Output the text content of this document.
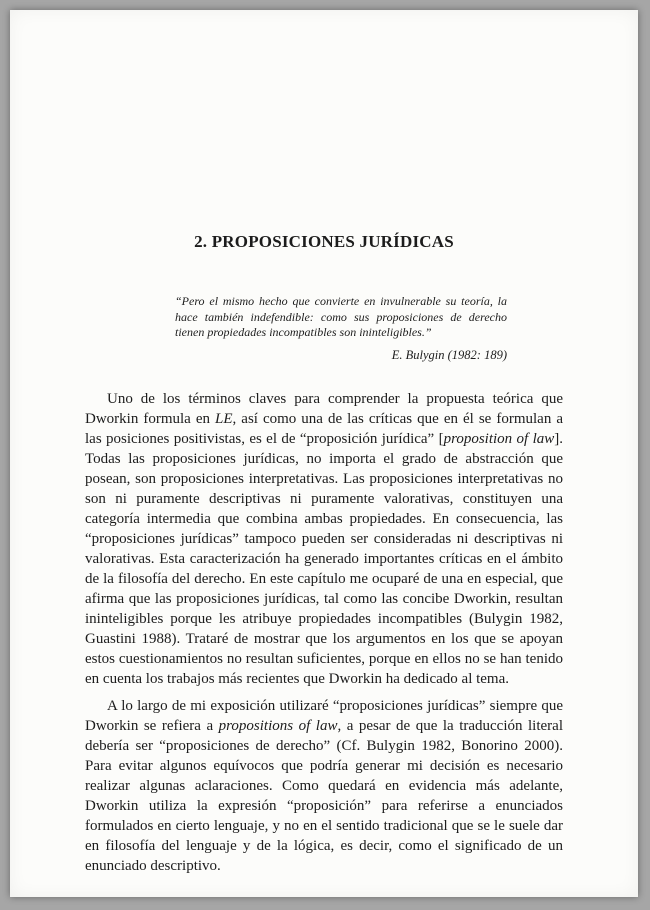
2. PROPOSICIONES JURÍDICAS

“Pero el mismo hecho que convierte en invulnerable su teoría, la hace también indefendible: como sus proposiciones de derecho tienen propiedades incompatibles son ininteligibles.”

E. Bulygin (1982: 189)

Uno de los términos claves para comprender la propuesta teórica que Dworkin formula en LE, así como una de las críticas que en él se formulan a las posiciones positivistas, es el de “proposición jurídica” [proposition of law]. Todas las proposiciones jurídicas, no importa el grado de abstracción que posean, son proposiciones interpretativas. Las proposiciones interpretativas no son ni puramente descriptivas ni puramente valorativas, constituyen una categoría intermedia que combina ambas propiedades. En consecuencia, las “proposiciones jurídicas” tampoco pueden ser consideradas ni descriptivas ni valorativas. Esta caracterización ha generado importantes críticas en el ámbito de la filosofía del derecho. En este capítulo me ocuparé de una en especial, que afirma que las proposiciones jurídicas, tal como las concibe Dworkin, resultan ininteligibles porque les atribuye propiedades incompatibles (Bulygin 1982, Guastini 1988). Trataré de mostrar que los argumentos en los que se apoyan estos cuestionamientos no resultan suficientes, porque en ellos no se han tenido en cuenta los trabajos más recientes que Dworkin ha dedicado al tema.

A lo largo de mi exposición utilizaré “proposiciones jurídicas” siempre que Dworkin se refiera a propositions of law, a pesar de que la traducción literal debería ser “proposiciones de derecho” (Cf. Bulygin 1982, Bonorino 2000). Para evitar algunos equívocos que podría generar mi decisión es necesario realizar algunas aclaraciones. Como quedará en evidencia más adelante, Dworkin utiliza la expresión “proposición” para referirse a enunciados formulados en cierto lenguaje, y no en el sentido tradicional que se le suele dar en filosofía del lenguaje y de la lógica, es decir, como el significado de un enunciado descriptivo.
